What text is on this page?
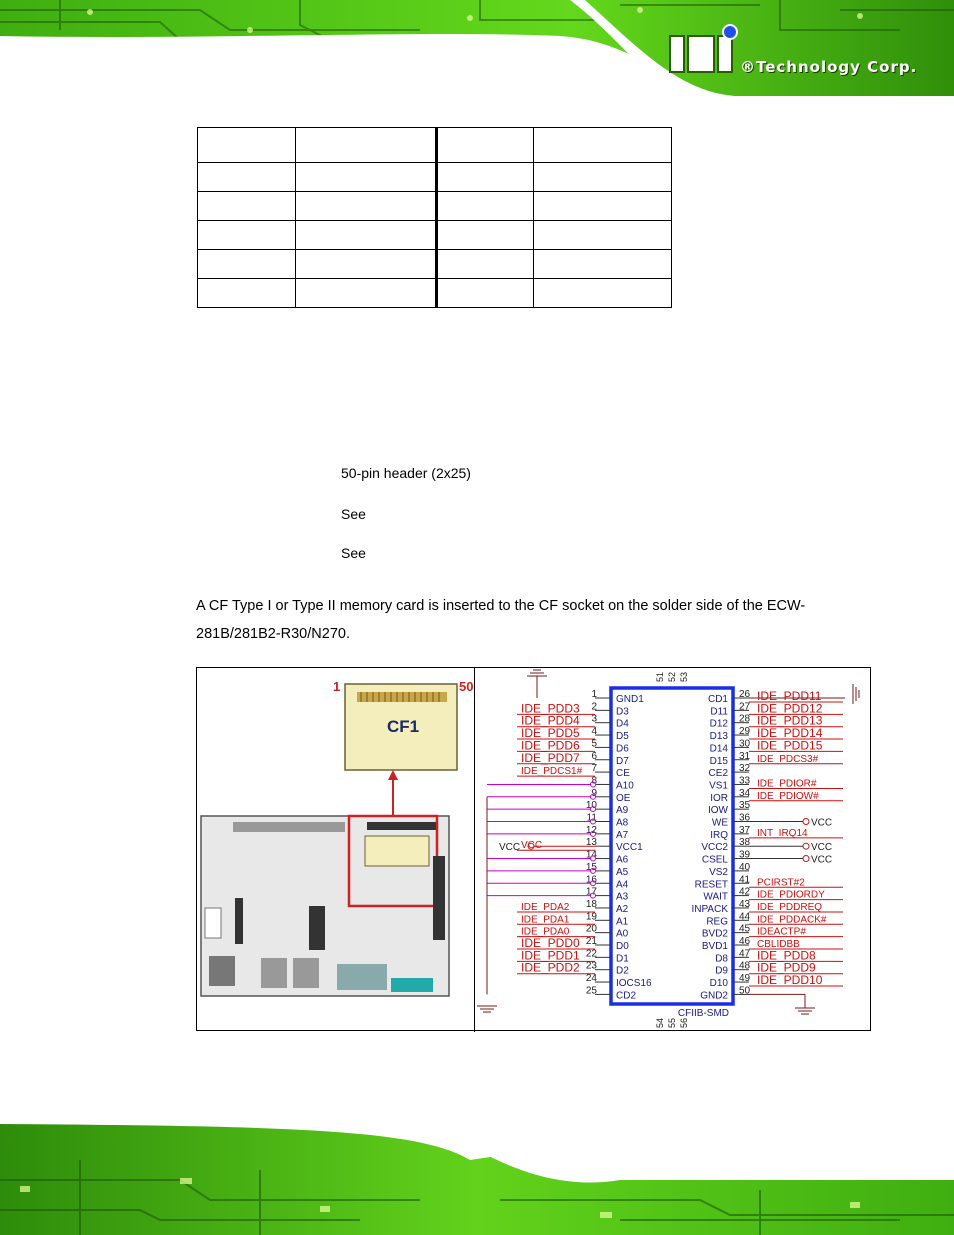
®Technology Corp.

50-pin header (2x25)
See
See
A CF Type I or Type II memory card is inserted to the CF socket on the solder side of the ECW-281B/281B2-R30/N270.
CF1
1	50
CFIIB-SMD
1 GND1
2 D3
IDE_PDD3
3 D4
IDE_PDD4
4 D5
IDE_PDD5
5 D6
IDE_PDD6
6 D7
IDE_PDD7
7 CE
IDE_PDCS1#
8 A10
9 OE
10 A9
11 A8
12 A7
13 VCC1
VCC
14 A6
15 A5
16 A4
17 A3
18 A2
IDE_PDA2
19 A1
IDE_PDA1
20 A0
IDE_PDA0
21 D0
IDE_PDD0
22 D1
IDE_PDD1
23 D2
IDE_PDD2
24 IOCS16
25 CD2
26
CD1 IDE_PDD11
27
D11 IDE_PDD12
28
D12 IDE_PDD13
29
D13 IDE_PDD14
30
D14 IDE_PDD15
31
D15	IDE_PDCS3#
32
CE2
33
VS1	IDE_PDIOR#
34
IOR	IDE_PDIOW#
35
IOW
36
WE	VCC
37
IRQ	INT_IRQ14
38
VCC2	VCC
39
CSEL	VCC
40
VS2
41
RESET	PCIRST#2
42
WAIT	IDE_PDIORDY
43
INPACK	IDE_PDDREQ
44
REG	IDE_PDDACK#
45
BVD2	IDEACTP#
46
BVD1	CBLIDBB
47
D8 IDE_PDD8
48
D9 IDE_PDD9
49
D10 IDE_PDD10
50
GND2
51 52 53
54 55 56
VCC
